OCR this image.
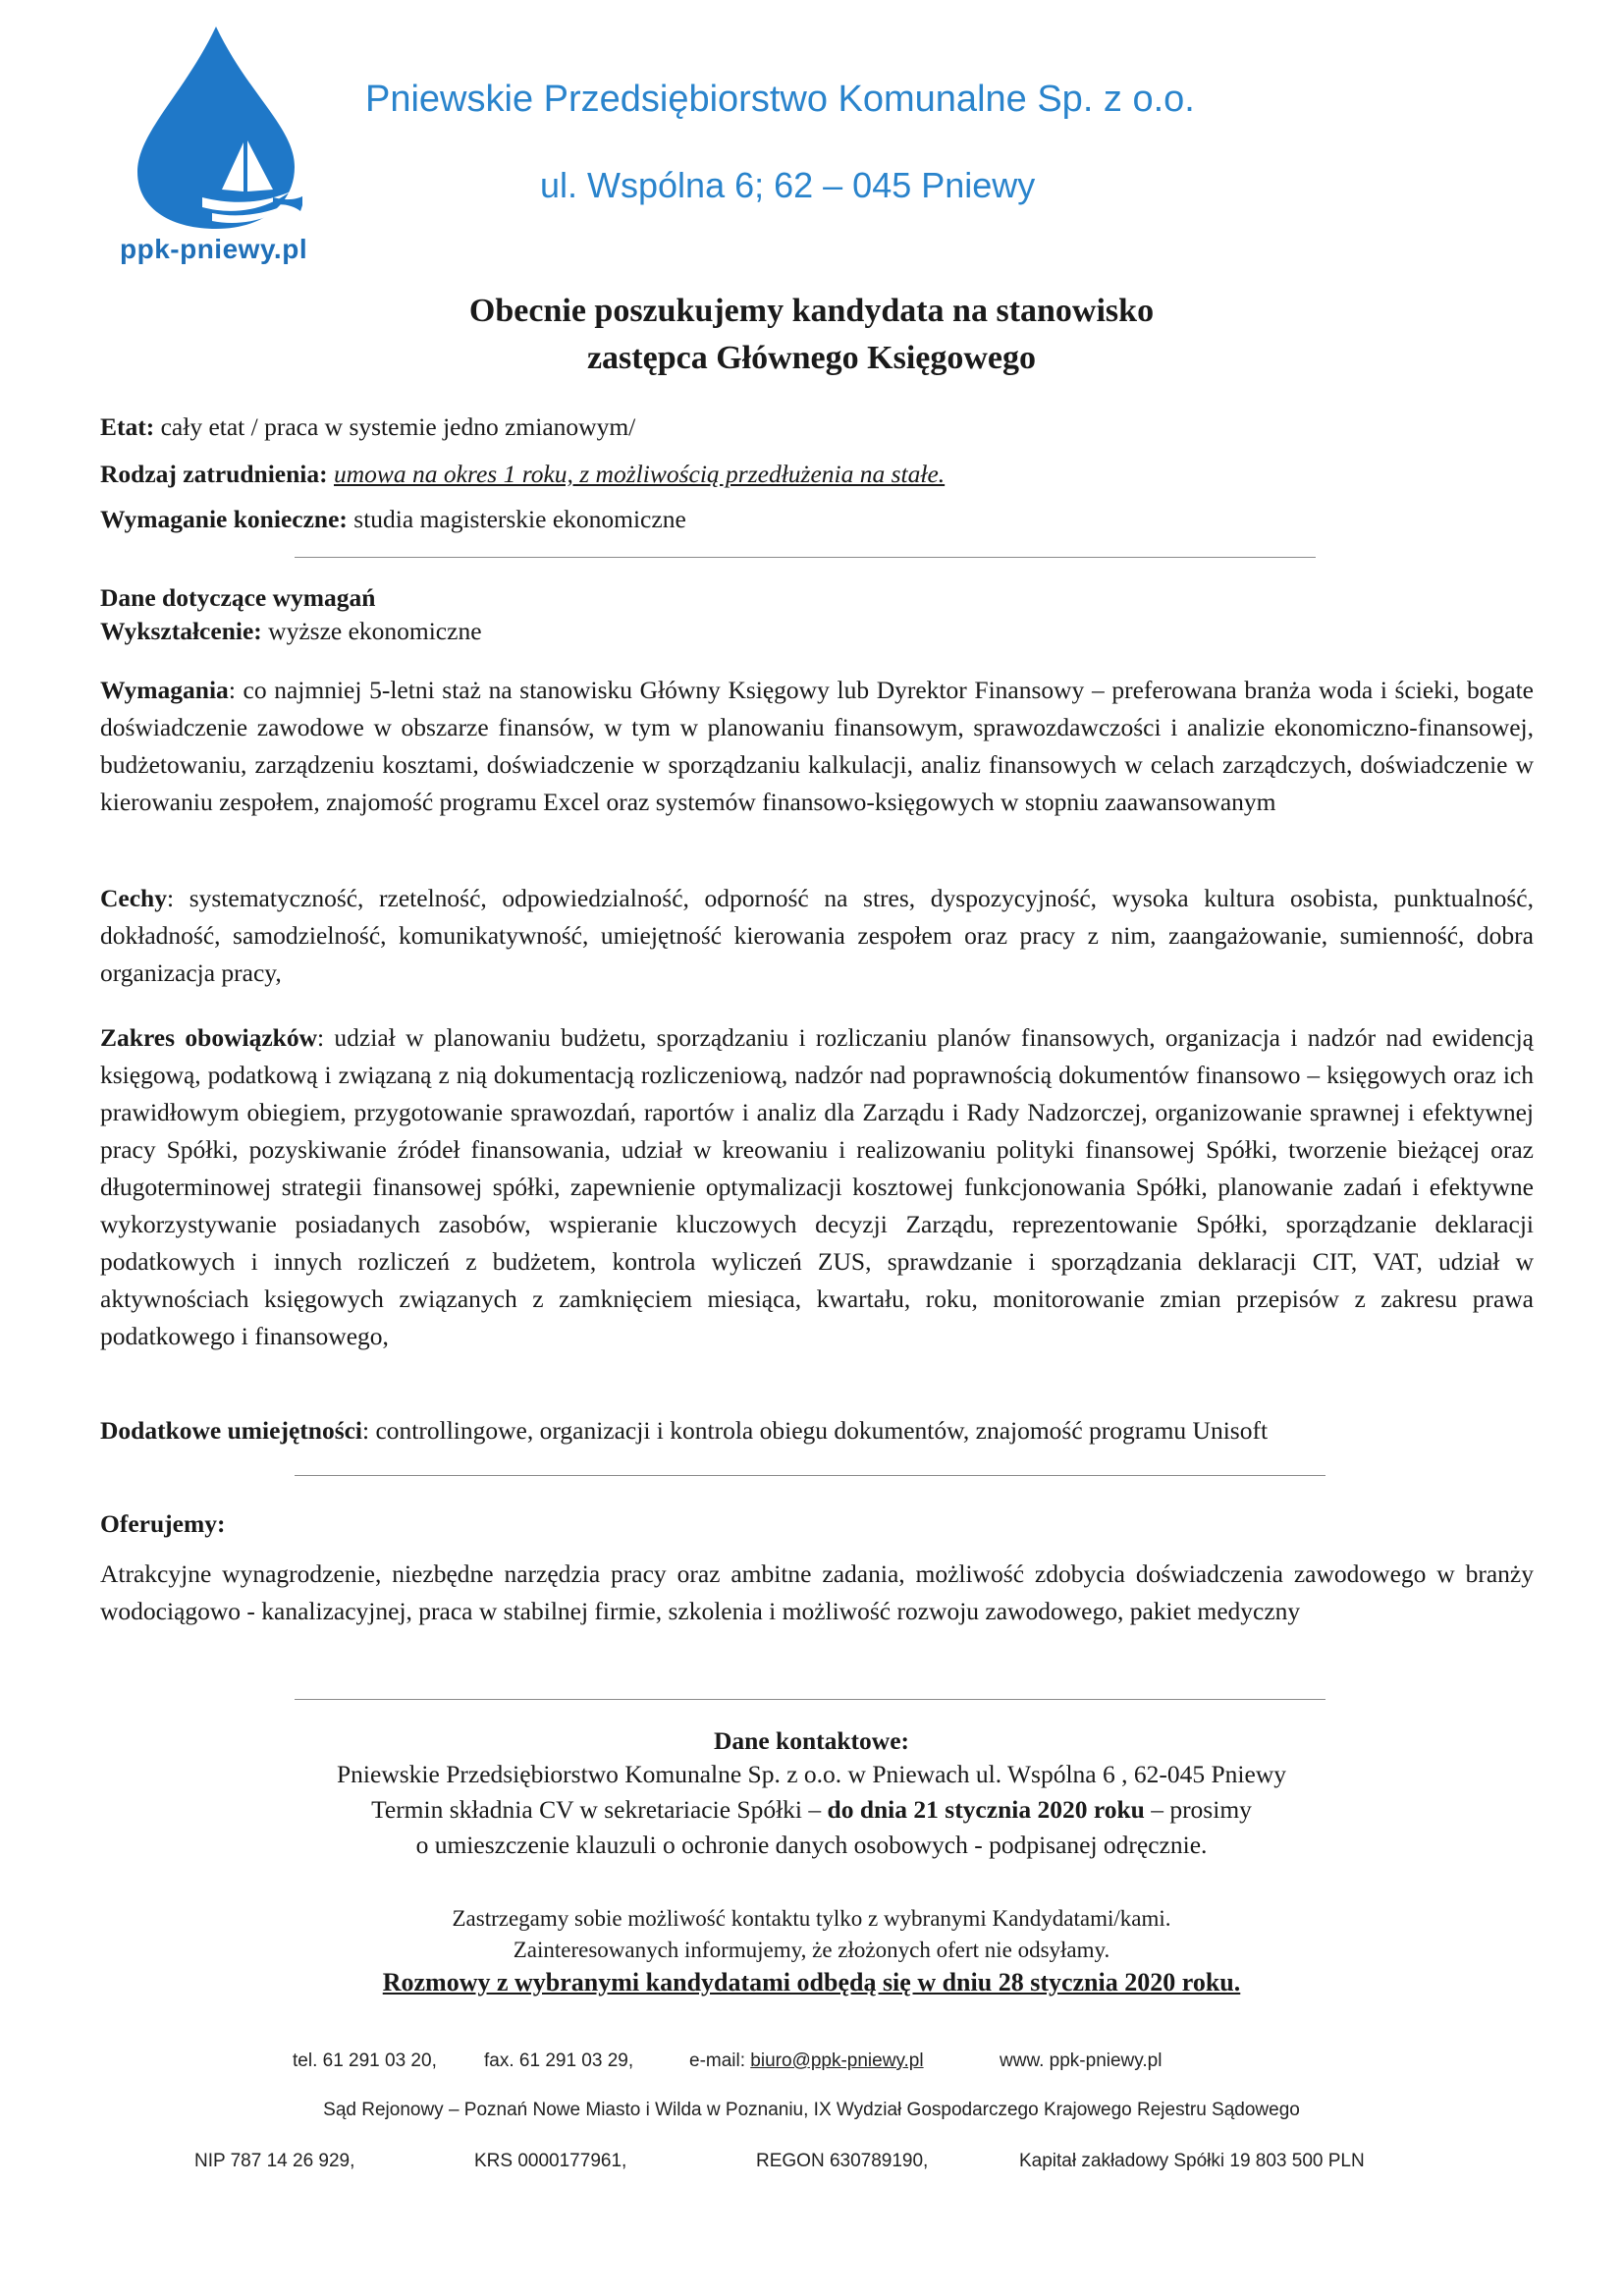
ppk-pniewy.pl
Pniewskie Przedsiębiorstwo Komunalne Sp. z o.o.
ul. Wspólna 6; 62 – 045 Pniewy
Obecnie poszukujemy kandydata na stanowisko
zastępca Głównego Księgowego
Etat: cały etat / praca w systemie jedno zmianowym/
Rodzaj zatrudnienia: umowa na okres 1 roku, z możliwością przedłużenia na stałe.
Wymaganie konieczne: studia magisterskie ekonomiczne
Dane dotyczące wymagań
Wykształcenie: wyższe ekonomiczne
Wymagania: co najmniej 5-letni staż na stanowisku Główny Księgowy lub Dyrektor Finansowy – preferowana branża woda i ścieki, bogate doświadczenie zawodowe w obszarze finansów, w tym w planowaniu finansowym, sprawozdawczości i analizie ekonomiczno-finansowej, budżetowaniu, zarządzeniu kosztami, doświadczenie w sporządzaniu kalkulacji, analiz finansowych w celach zarządczych, doświadczenie w kierowaniu zespołem, znajomość programu Excel oraz systemów finansowo-księgowych w stopniu zaawansowanym
Cechy: systematyczność, rzetelność, odpowiedzialność, odporność na stres, dyspozycyjność, wysoka kultura osobista, punktualność, dokładność, samodzielność, komunikatywność, umiejętność kierowania zespołem oraz pracy z nim, zaangażowanie, sumienność, dobra organizacja pracy,
Zakres obowiązków: udział w planowaniu budżetu, sporządzaniu i rozliczaniu planów finansowych, organizacja i nadzór nad ewidencją księgową, podatkową i związaną z nią dokumentacją rozliczeniową, nadzór nad poprawnością dokumentów finansowo – księgowych oraz ich prawidłowym obiegiem, przygotowanie sprawozdań, raportów i analiz dla Zarządu i Rady Nadzorczej, organizowanie sprawnej i efektywnej pracy Spółki, pozyskiwanie źródeł finansowania, udział w kreowaniu i realizowaniu polityki finansowej Spółki, tworzenie bieżącej oraz długoterminowej strategii finansowej spółki, zapewnienie optymalizacji kosztowej funkcjonowania Spółki, planowanie zadań i efektywne wykorzystywanie posiadanych zasobów, wspieranie kluczowych decyzji Zarządu, reprezentowanie Spółki, sporządzanie deklaracji podatkowych i innych rozliczeń z budżetem, kontrola wyliczeń ZUS, sprawdzanie i sporządzania deklaracji CIT, VAT, udział w aktywnościach księgowych związanych z zamknięciem miesiąca, kwartału, roku, monitorowanie zmian przepisów z zakresu prawa podatkowego i finansowego,
Dodatkowe umiejętności: controllingowe, organizacji i kontrola obiegu dokumentów, znajomość programu Unisoft
Oferujemy:
Atrakcyjne wynagrodzenie, niezbędne narzędzia pracy oraz ambitne zadania, możliwość zdobycia doświadczenia zawodowego w branży wodociągowo - kanalizacyjnej, praca w stabilnej firmie, szkolenia i możliwość rozwoju zawodowego, pakiet medyczny
Dane kontaktowe:
Pniewskie Przedsiębiorstwo Komunalne Sp. z o.o. w Pniewach ul. Wspólna 6 , 62-045 Pniewy
Termin składnia CV w sekretariacie Spółki – do dnia 21 stycznia 2020 roku – prosimy
o umieszczenie klauzuli o ochronie danych osobowych - podpisanej odręcznie.
Zastrzegamy sobie możliwość kontaktu tylko z wybranymi Kandydatami/kami.
Zainteresowanych informujemy, że złożonych ofert nie odsyłamy.
Rozmowy z wybranymi kandydatami odbędą się w dniu 28 stycznia 2020 roku.
tel. 61 291 03 20,	fax. 61 291 03 29,	e-mail: biuro@ppk-pniewy.pl	www. ppk-pniewy.pl
Sąd Rejonowy – Poznań Nowe Miasto i Wilda w Poznaniu, IX Wydział Gospodarczego Krajowego Rejestru Sądowego
NIP 787 14 26 929,	KRS 0000177961,	REGON 630789190,	Kapitał zakładowy Spółki 19 803 500 PLN
